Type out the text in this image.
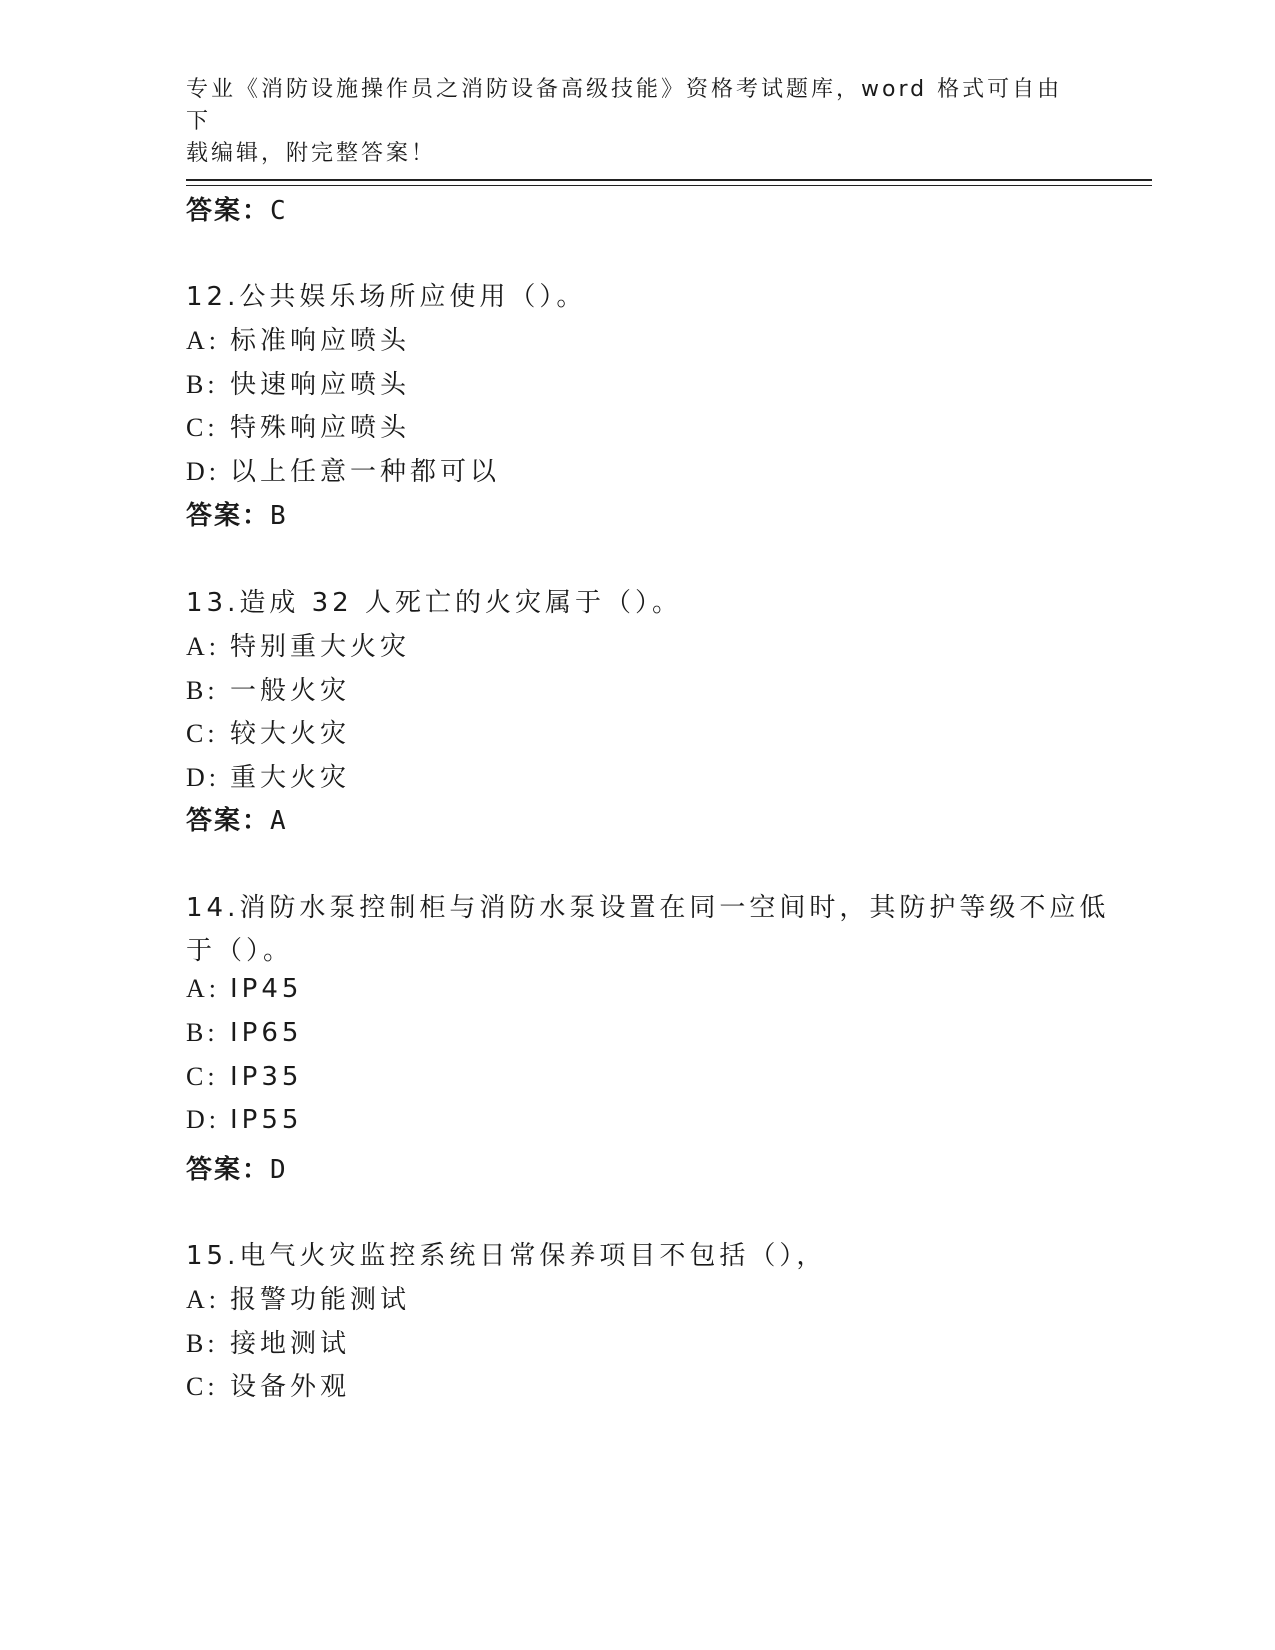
专业《消防设施操作员之消防设备高级技能》资格考试题库，word 格式可自由下
载编辑，附完整答案！
答案：C
12.公共娱乐场所应使用（）。
A: 标准响应喷头
B: 快速响应喷头
C: 特殊响应喷头
D: 以上任意一种都可以
答案：B
13.造成 32 人死亡的火灾属于（）。
A: 特别重大火灾
B: 一般火灾
C: 较大火灾
D: 重大火灾
答案：A
14.消防水泵控制柜与消防水泵设置在同一空间时，其防护等级不应低
于（）。
A: IP45
B: IP65
C: IP35
D: IP55
答案：D
15.电气火灾监控系统日常保养项目不包括（），
A: 报警功能测试
B: 接地测试
C: 设备外观
